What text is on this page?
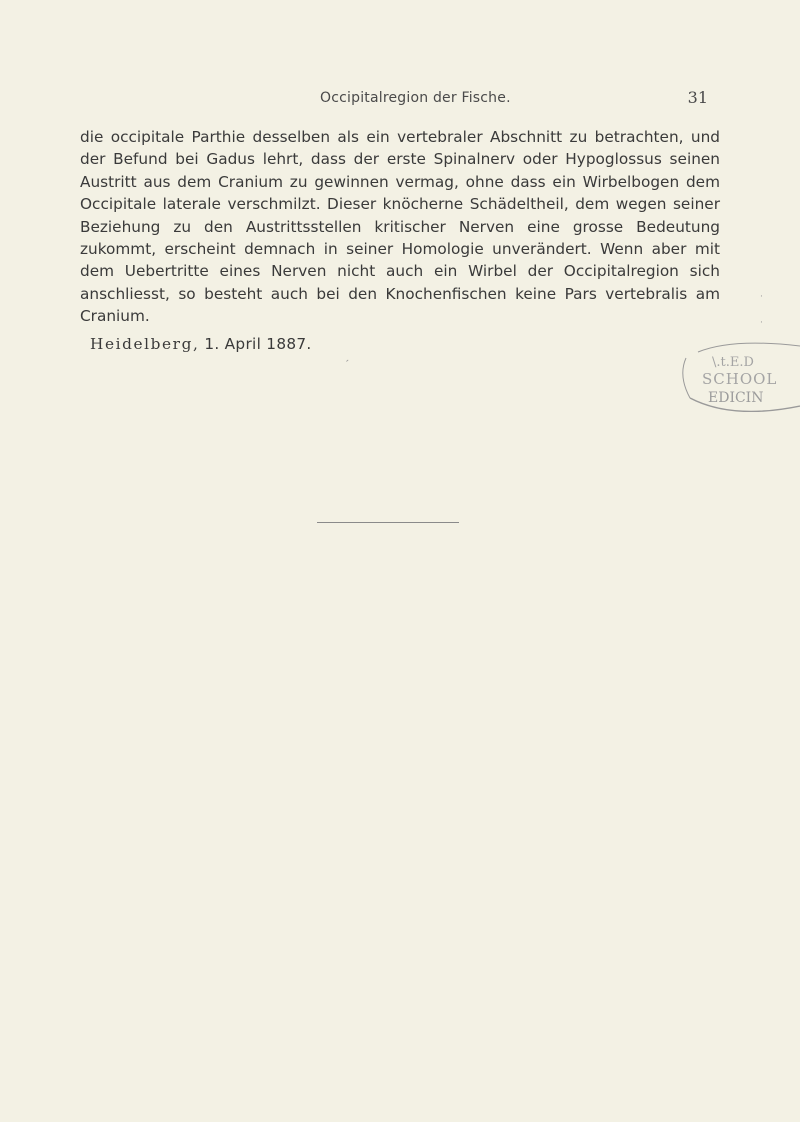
Occipitalregion der Fische.	31

die occipitale Parthie desselben als ein vertebraler Abschnitt zu betrachten, und der Befund bei Gadus lehrt, dass der erste Spinalnerv oder Hypoglossus seinen Austritt aus dem Cranium zu gewinnen vermag, ohne dass ein Wirbelbogen dem Occipitale laterale verschmilzt. Dieser knöcherne Schädeltheil, dem wegen seiner Beziehung zu den Austrittsstellen kritischer Nerven eine grosse Bedeutung zukommt, erscheint demnach in seiner Homologie unverändert. Wenn aber mit dem Uebertritte eines Nerven nicht auch ein Wirbel der Occipitalregion sich anschliesst, so besteht auch bei den Knochenfischen keine Pars vertebralis am Cranium.

Heidelberg, 1. April 1887.
·
·
‐	\.t.E.D
SCHOOL
EDICIN
